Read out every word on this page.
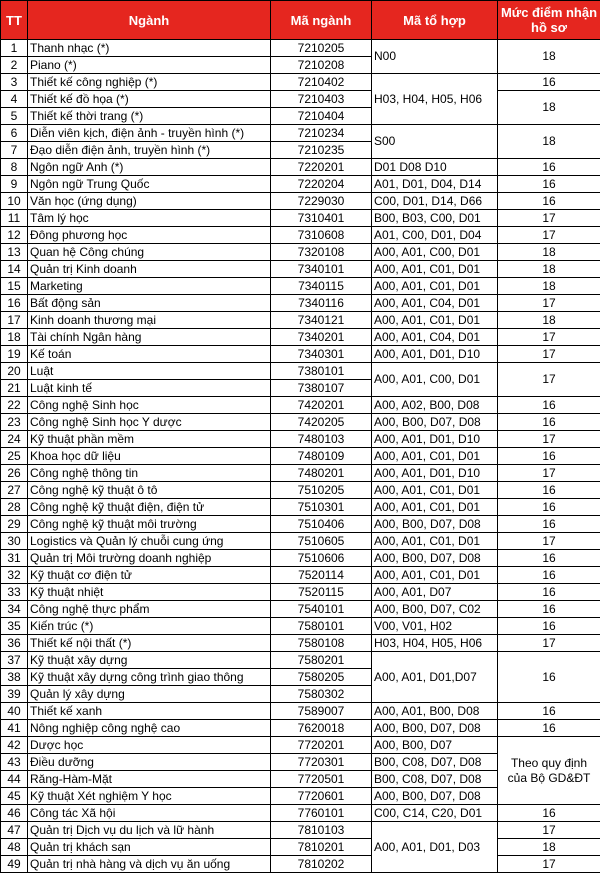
TT	Ngành	Mã ngành	Mã tổ hợp	Mức điểm nhận hồ sơ
1	Thanh nhạc (*)	7210205	N00	18
2	Piano (*)	7210208		
3	Thiết kế công nghiệp (*)	7210402	H03, H04, H05, H06	16
4	Thiết kế đồ họa (*)	7210403		18
5	Thiết kế thời trang (*)	7210404		
6	Diễn viên kịch, điện ảnh - truyền hình (*)	7210234	S00	18
7	Đạo diễn điện ảnh, truyền hình (*)	7210235		
8	Ngôn ngữ Anh (*)	7220201	D01 D08 D10	16
9	Ngôn ngữ Trung Quốc	7220204	A01, D01, D04, D14	16
10	Văn học (ứng dụng)	7229030	C00, D01, D14, D66	16
11	Tâm lý học	7310401	B00, B03, C00, D01	17
12	Đông phương học	7310608	A01, C00, D01, D04	17
13	Quan hệ Công chúng	7320108	A00, A01, C00, D01	18
14	Quản trị Kinh doanh	7340101	A00, A01, C01, D01	18
15	Marketing	7340115	A00, A01, C01, D01	18
16	Bất động sản	7340116	A00, A01, C04, D01	17
17	Kinh doanh thương mại	7340121	A00, A01, C01, D01	18
18	Tài chính Ngân hàng	7340201	A00, A01, C04, D01	17
19	Kế toán	7340301	A00, A01, D01, D10	17
20	Luật	7380101	A00, A01, C00, D01	17
21	Luật kinh tế	7380107		
22	Công nghệ Sinh học	7420201	A00, A02, B00, D08	16
23	Công nghệ Sinh học Y dược	7420205	A00, B00, D07, D08	16
24	Kỹ thuật phần mềm	7480103	A00, A01, D01, D10	17
25	Khoa học dữ liệu	7480109	A00, A01, C01, D01	16
26	Công nghệ thông tin	7480201	A00, A01, D01, D10	17
27	Công nghệ kỹ thuật ô tô	7510205	A00, A01, C01, D01	16
28	Công nghệ kỹ thuật điện, điện tử	7510301	A00, A01, C01, D01	16
29	Công nghệ kỹ thuật môi trường	7510406	A00, B00, D07, D08	16
30	Logistics và Quản lý chuỗi cung ứng	7510605	A00, A01, C01, D01	17
31	Quản trị Môi trường doanh nghiệp	7510606	A00, B00, D07, D08	16
32	Kỹ thuật cơ điện tử	7520114	A00, A01, C01, D01	16
33	Kỹ thuật nhiệt	7520115	A00, A01, D07	16
34	Công nghệ thực phẩm	7540101	A00, B00, D07, C02	16
35	Kiến trúc (*)	7580101	V00, V01, H02	16
36	Thiết kế nội thất (*)	7580108	H03, H04, H05, H06	17
37	Kỹ thuật xây dựng	7580201	A00, A01, D01,D07	16
38	Kỹ thuật xây dựng công trình giao thông	7580205		
39	Quản lý xây dựng	7580302		
40	Thiết kế xanh	7589007	A00, A01, B00, D08	16
41	Nông nghiệp công nghệ cao	7620018	A00, B00, D07, D08	16
42	Dược học	7720201	A00, B00, D07	Theo quy định của Bộ GD&ĐT
43	Điều dưỡng	7720301	B00, C08, D07, D08	
44	Răng-Hàm-Mặt	7720501	B00, C08, D07, D08	
45	Kỹ thuật Xét nghiệm Y học	7720601	A00, B00, D07, D08	
46	Công tác Xã hội	7760101	C00, C14, C20, D01	16
47	Quản trị Dịch vụ du lịch và lữ hành	7810103	A00, A01, D01, D03	17
48	Quản trị khách sạn	7810201		18
49	Quản trị nhà hàng và dịch vụ ăn uống	7810202		17
